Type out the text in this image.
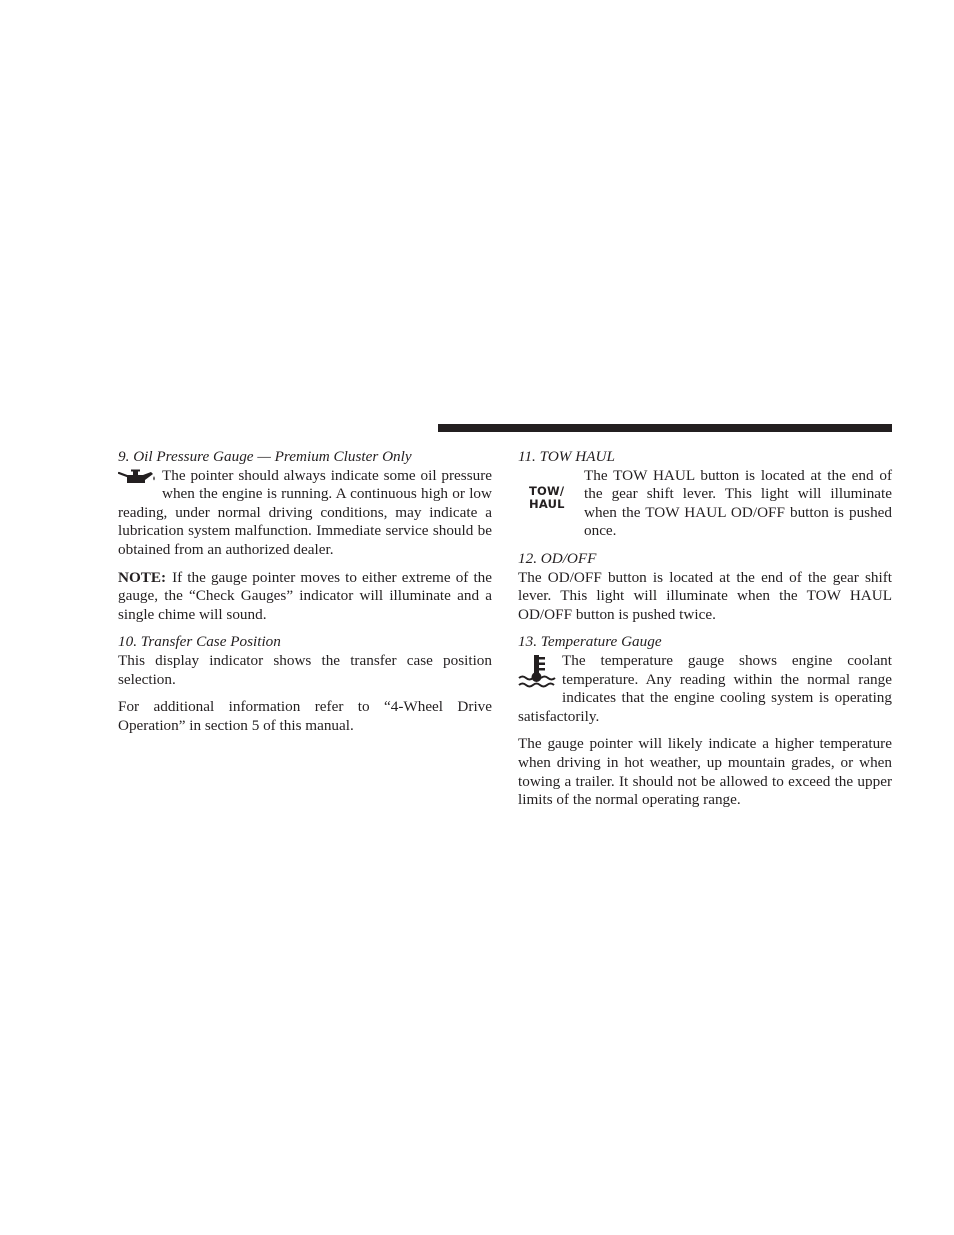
9. Oil Pressure Gauge — Premium Cluster Only

The pointer should always indicate some oil pressure when the engine is running. A continuous high or low reading, under normal driving conditions, may indicate a lubrication system malfunction. Immediate service should be obtained from an authorized dealer.

NOTE: If the gauge pointer moves to either extreme of the gauge, the “Check Gauges” indicator will illuminate and a single chime will sound.

10. Transfer Case Position

This display indicator shows the transfer case position selection.

For additional information refer to “4-Wheel Drive Operation” in section 5 of this manual.

11. TOW HAUL

TOW/
HAUL
The TOW HAUL button is located at the end of the gear shift lever. This light will illuminate when the TOW HAUL OD/OFF button is pushed once.

12. OD/OFF

The OD/OFF button is located at the end of the gear shift lever. This light will illuminate when the TOW HAUL OD/OFF button is pushed twice.

13. Temperature Gauge

The temperature gauge shows engine coolant temperature. Any reading within the normal range indicates that the engine cooling system is operating satisfactorily.

The gauge pointer will likely indicate a higher temperature when driving in hot weather, up mountain grades, or when towing a trailer. It should not be allowed to exceed the upper limits of the normal operating range.
